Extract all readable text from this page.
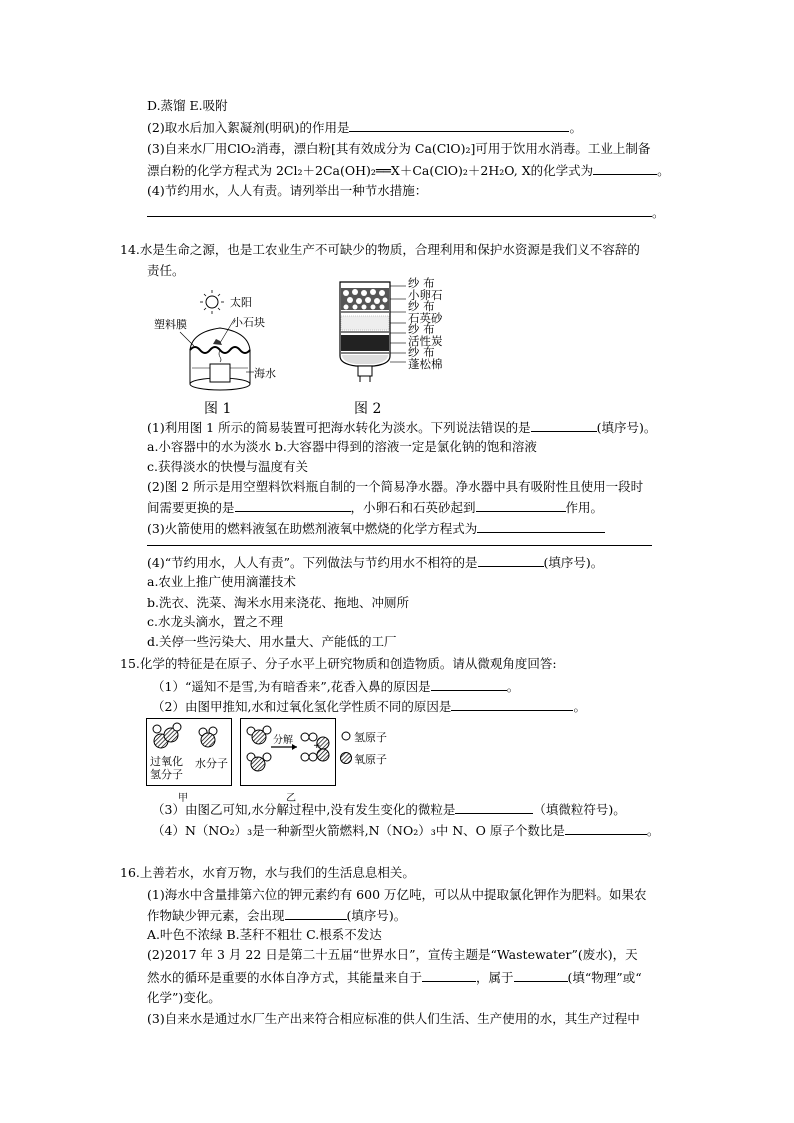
D.蒸馏 E.吸附
(2)取水后加入絮凝剂(明矾)的作用是	。
(3)自来水厂用ClO₂消毒，漂白粉[其有效成分为 Ca(ClO)₂]可用于饮用水消毒。工业上制备
漂白粉的化学方程式为 2Cl₂＋2Ca(OH)₂══X＋Ca(ClO)₂＋2H₂O, X的化学式为	。
(4)节约用水，人人有责。请列举出一种节水措施：
。
14.水是生命之源，也是工农业生产不可缺少的物质，合理利用和保护水资源是我们义不容辞的
责任。
太阳
塑料膜	小石块
海水
图 1
纱 布
小卵石
纱 布
石英砂
纱 布
活性炭
纱 布
蓬松棉
图 2
(1)利用图 1 所示的简易装置可把海水转化为淡水。下列说法错误的是	(填序号)。
a.小容器中的水为淡水 b.大容器中得到的溶液一定是氯化钠的饱和溶液
c.获得淡水的快慢与温度有关
(2)图 2 所示是用空塑料饮料瓶自制的一个简易净水器。净水器中具有吸附性且使用一段时
间需要更换的是	，小卵石和石英砂起到	作用。
(3)火箭使用的燃料液氢在助燃剂液氧中燃烧的化学方程式为
(4)“节约用水，人人有责”。下列做法与节约用水不相符的是	(填序号)。
a.农业上推广使用滴灌技术
b.洗衣、洗菜、淘米水用来浇花、拖地、冲厕所
c.水龙头滴水，置之不理
d.关停一些污染大、用水量大、产能低的工厂
15.化学的特征是在原子、分子水平上研究物质和创造物质。请从微观角度回答:
（1）“遥知不是雪,为有暗香来”,花香入鼻的原因是	。
（2）由图甲推知,水和过氧化氢化学性质不同的原因是	。
过氧化
氢分子
水分子
甲
分解 +
乙
氢原子
氧原子
（3）由图乙可知,水分解过程中,没有发生变化的微粒是	（填微粒符号)。
（4）N（NO₂）₃是一种新型火箭燃料,N（NO₂）₃中 N、O 原子个数比是	。
16.上善若水，水育万物，水与我们的生活息息相关。
(1)海水中含量排第六位的钾元素约有 600 万亿吨，可以从中提取氯化钾作为肥料。如果农
作物缺少钾元素，会出现	(填序号)。
A.叶色不浓绿 B.茎秆不粗壮 C.根系不发达
(2)2017 年 3 月 22 日是第二十五届“世界水日”，宣传主题是“Wastewater”(废水)，天
然水的循环是重要的水体自净方式，其能量来自于	，属于	(填“物理”或“
化学”)变化。
(3)自来水是通过水厂生产出来符合相应标准的供人们生活、生产使用的水，其生产过程中
